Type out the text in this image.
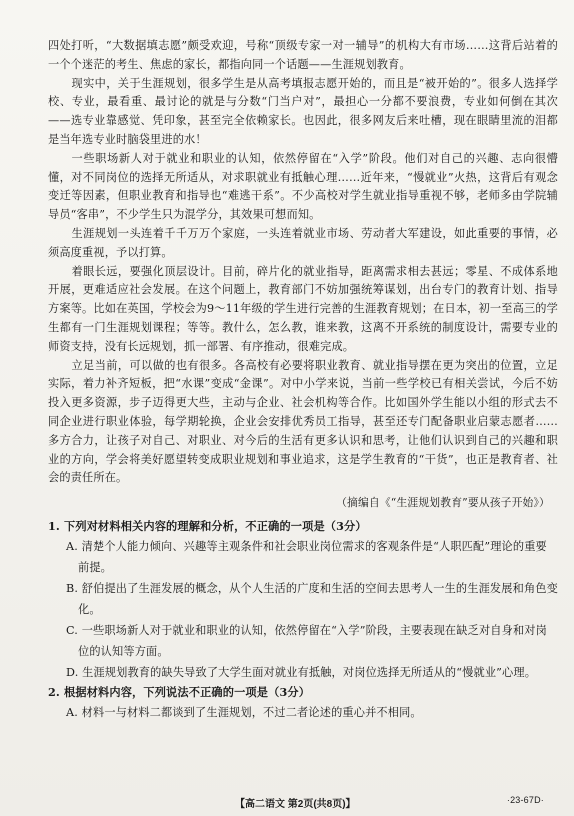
四处打听，“大数据填志愿”颇受欢迎，号称“顶级专家一对一辅导”的机构大有市场……这背后站着的一个个迷茫的考生、焦虑的家长，都指向同一个话题——生涯规划教育。

现实中，关于生涯规划，很多学生是从高考填报志愿开始的，而且是“被开始的”。很多人选择学校、专业，最看重、最讨论的就是与分数“门当户对”，最担心一分都不要浪费，专业如何倒在其次——选专业靠感觉、凭印象，甚至完全依赖家长。也因此，很多网友后来吐槽，现在眼睛里流的泪都是当年选专业时脑袋里进的水！

一些职场新人对于就业和职业的认知，依然停留在“入学”阶段。他们对自己的兴趣、志向很懵懂，对不同岗位的选择无所适从，对求职就业有抵触心理……近年来，“慢就业”火热，这背后有观念变迁等因素，但职业教育和指导也“难逃干系”。不少高校对学生就业指导重视不够，老师多由学院辅导员“客串”，不少学生只为混学分，其效果可想而知。

生涯规划一头连着千千万万个家庭，一头连着就业市场、劳动者大军建设，如此重要的事情，必须高度重视，予以打算。

着眼长远，要强化顶层设计。目前，碎片化的就业指导，距离需求相去甚远；零星、不成体系地开展，更难适应社会发展。在这个问题上，教育部门不妨加强统筹谋划，出台专门的教育计划、指导方案等。比如在英国，学校会为9～11年级的学生进行完善的生涯教育规划；在日本，初一至高三的学生都有一门生涯规划课程；等等。教什么，怎么教，谁来教，这离不开系统的制度设计，需要专业的师资支持，没有长远规划，抓一部署、有序推动，很难完成。

立足当前，可以做的也有很多。各高校有必要将职业教育、就业指导摆在更为突出的位置，立足实际，着力补齐短板，把“水课”变成“金课”。对中小学来说，当前一些学校已有相关尝试，今后不妨投入更多资源，步子迈得更大些，主动与企业、社会机构等合作。比如国外学生能以小组的形式去不同企业进行职业体验，每学期轮换，企业会安排优秀员工指导，甚至还专门配备职业启蒙志愿者……多方合力，让孩子对自己、对职业、对今后的生活有更多认识和思考，让他们认识到自己的兴趣和职业的方向，学会将美好愿望转变成职业规划和事业追求，这是学生教育的“干货”，也正是教育者、社会的责任所在。

（摘编自《“生涯规划教育”要从孩子开始》）

1. 下列对材料相关内容的理解和分析，不正确的一项是（3分）

A. 清楚个人能力倾向、兴趣等主观条件和社会职业岗位需求的客观条件是“人职匹配”理论的重要前提。

B. 舒伯提出了生涯发展的概念，从个人生活的广度和生活的空间去思考人一生的生涯发展和角色变化。

C. 一些职场新人对于就业和职业的认知，依然停留在“入学”阶段，主要表现在缺乏对自身和对岗位的认知等方面。

D. 生涯规划教育的缺失导致了大学生面对就业有抵触，对岗位选择无所适从的“慢就业”心理。

2. 根据材料内容，下列说法不正确的一项是（3分）

A. 材料一与材料二都谈到了生涯规划，不过二者论述的重心并不相同。

【高二语文 第2页(共8页)】	·23-67D·
